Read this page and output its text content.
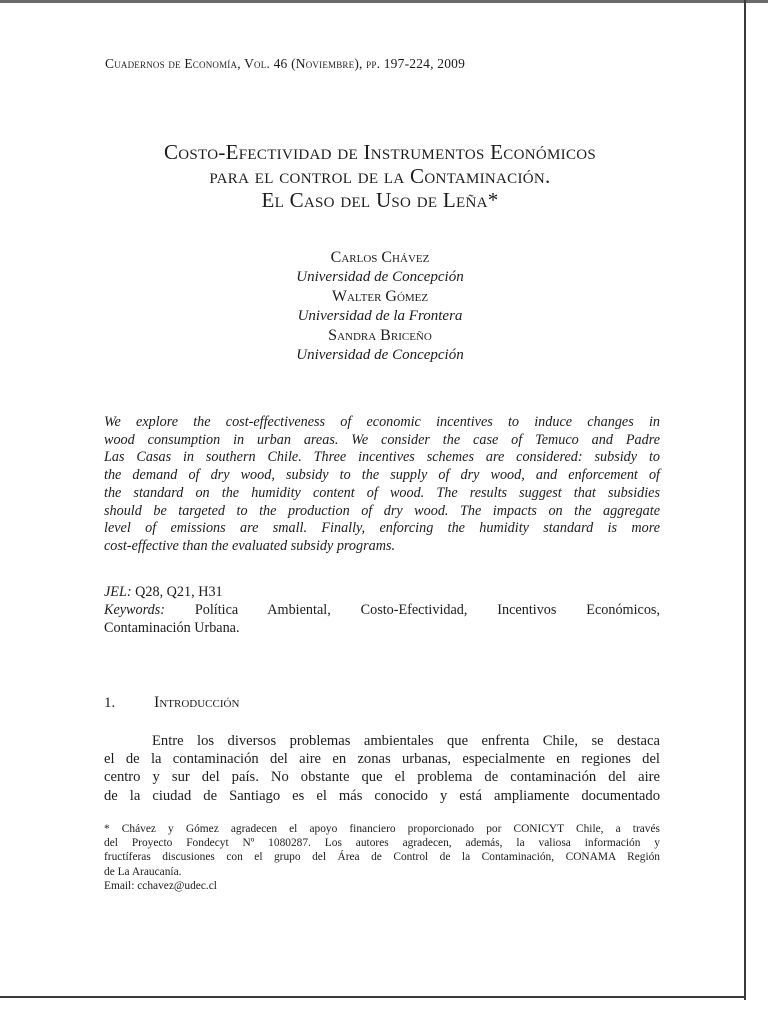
Cuadernos de Economía, Vol. 46 (Noviembre), pp. 197-224, 2009
Costo-Efectividad de Instrumentos Económicos
para el control de la Contaminación.
El Caso del Uso de Leña*
Carlos Chávez
Universidad de Concepción
Walter Gómez
Universidad de la Frontera
Sandra Briceño
Universidad de Concepción
We explore the cost-effectiveness of economic incentives to induce changes in
wood consumption in urban areas. We consider the case of Temuco and Padre
Las Casas in southern Chile. Three incentives schemes are considered: subsidy to
the demand of dry wood, subsidy to the supply of dry wood, and enforcement of
the standard on the humidity content of wood. The results suggest that subsidies
should be targeted to the production of dry wood. The impacts on the aggregate
level of emissions are small. Finally, enforcing the humidity standard is more
cost-effective than the evaluated subsidy programs.
JEL: Q28, Q21, H31
Keywords: Política Ambiental, Costo-Efectividad, Incentivos Económicos,
Contaminación Urbana.
1. Introducción
Entre los diversos problemas ambientales que enfrenta Chile, se destaca
el de la contaminación del aire en zonas urbanas, especialmente en regiones del
centro y sur del país. No obstante que el problema de contaminación del aire
de la ciudad de Santiago es el más conocido y está ampliamente documentado
* Chávez y Gómez agradecen el apoyo financiero proporcionado por CONICYT Chile, a través
del Proyecto Fondecyt Nº 1080287. Los autores agradecen, además, la valiosa información y
fructíferas discusiones con el grupo del Área de Control de la Contaminación, CONAMA Región
de La Araucanía.
Email: cchavez@udec.cl
